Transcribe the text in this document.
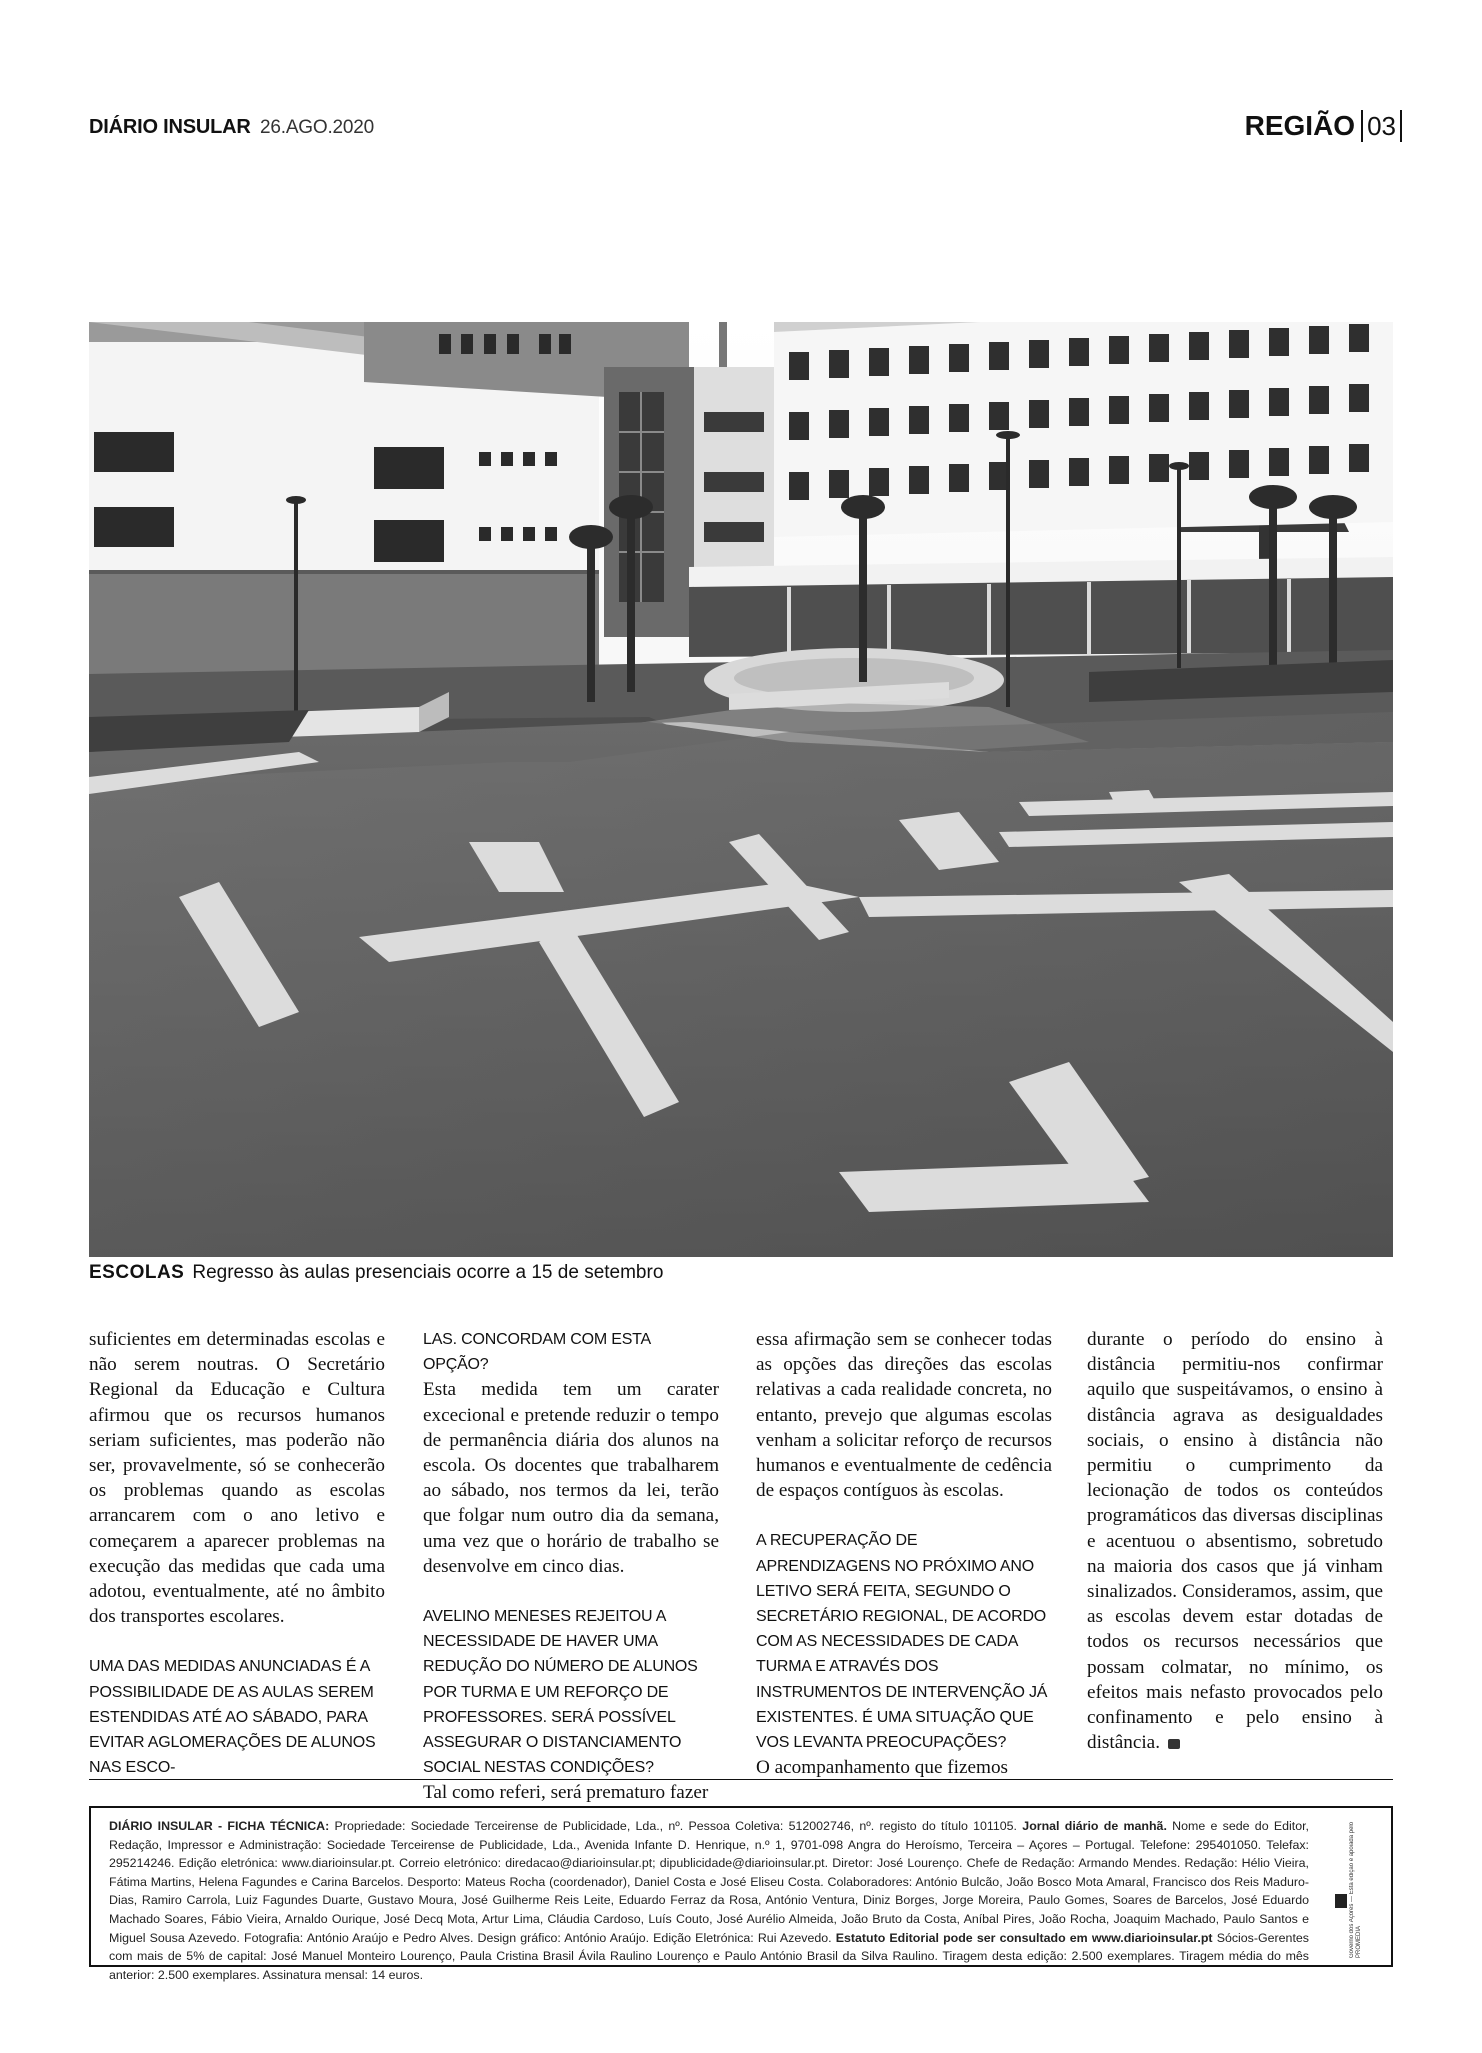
DIÁRIO INSULAR 26.AGO.2020	REGIÃO 03
ESCOLAS Regresso às aulas presenciais ocorre a 15 de setembro

suficientes em determinadas escolas e não serem noutras. O Secretário Regional da Educação e Cultura afirmou que os recursos humanos seriam suficientes, mas poderão não ser, provavelmente, só se conhecerão os problemas quando as escolas arrancarem com o ano letivo e começarem a aparecer problemas na execução das medidas que cada uma adotou, eventualmente, até no âmbito dos transportes escolares.

UMA DAS MEDIDAS ANUNCIADAS É A POSSIBILIDADE DE AS AULAS SEREM ESTENDIDAS ATÉ AO SÁBADO, PARA EVITAR AGLOMERAÇÕES DE ALUNOS NAS ESCO-

LAS. CONCORDAM COM ESTA OPÇÃO?

Esta medida tem um carater excecional e pretende reduzir o tempo de permanência diária dos alunos na escola. Os docentes que trabalharem ao sábado, nos termos da lei, terão que folgar num outro dia da semana, uma vez que o horário de trabalho se desenvolve em cinco dias.

AVELINO MENESES REJEITOU A NECESSIDADE DE HAVER UMA REDUÇÃO DO NÚMERO DE ALUNOS POR TURMA E UM REFORÇO DE PROFESSORES. SERÁ POSSÍVEL ASSEGURAR O DISTANCIAMENTO SOCIAL NESTAS CONDIÇÕES?

Tal como referi, será prematuro fazer

essa afirmação sem se conhecer todas as opções das direções das escolas relativas a cada realidade concreta, no entanto, prevejo que algumas escolas venham a solicitar reforço de recursos humanos e eventualmente de cedência de espaços contíguos às escolas.

A RECUPERAÇÃO DE APRENDIZAGENS NO PRÓXIMO ANO LETIVO SERÁ FEITA, SEGUNDO O SECRETÁRIO REGIONAL, DE ACORDO COM AS NECESSIDADES DE CADA TURMA E ATRAVÉS DOS INSTRUMENTOS DE INTERVENÇÃO JÁ EXISTENTES. É UMA SITUAÇÃO QUE VOS LEVANTA PREOCUPAÇÕES?

O acompanhamento que fizemos

durante o período do ensino à distância permitiu-nos confirmar aquilo que suspeitávamos, o ensino à distância agrava as desigualdades sociais, o ensino à distância não permitiu o cumprimento da lecionação de todos os conteúdos programáticos das diversas disciplinas e acentuou o absentismo, sobretudo na maioria dos casos que já vinham sinalizados. Consideramos, assim, que as escolas devem estar dotadas de todos os recursos necessários que possam colmatar, no mínimo, os efeitos mais nefasto provocados pelo confinamento e pelo ensino à distância.

DIÁRIO INSULAR - FICHA TÉCNICA: Propriedade: Sociedade Terceirense de Publicidade, Lda., nº. Pessoa Coletiva: 512002746, nº. registo do título 101105. Jornal diário de manhã. Nome e sede do Editor, Redação, Impressor e Administração: Sociedade Terceirense de Publicidade, Lda., Avenida Infante D. Henrique, n.º 1, 9701-098 Angra do Heroísmo, Terceira – Açores – Portugal. Telefone: 295401050. Telefax: 295214246. Edição eletrónica: www.diarioinsular.pt. Correio eletrónico: diredacao@diarioinsular.pt; dipublicidade@diarioinsular.pt. Diretor: José Lourenço. Chefe de Redação: Armando Mendes. Redação: Hélio Vieira, Fátima Martins, Helena Fagundes e Carina Barcelos. Desporto: Mateus Rocha (coordenador), Daniel Costa e José Eliseu Costa. Colaboradores: António Bulcão, João Bosco Mota Amaral, Francisco dos Reis Maduro-Dias, Ramiro Carrola, Luiz Fagundes Duarte, Gustavo Moura, José Guilherme Reis Leite, Eduardo Ferraz da Rosa, António Ventura, Diniz Borges, Jorge Moreira, Paulo Gomes, Soares de Barcelos, José Eduardo Machado Soares, Fábio Vieira, Arnaldo Ourique, José Decq Mota, Artur Lima, Cláudia Cardoso, Luís Couto, José Aurélio Almeida, João Bruto da Costa, Aníbal Pires, João Rocha, Joaquim Machado, Paulo Santos e Miguel Sousa Azevedo. Fotografia: António Araújo e Pedro Alves. Design gráfico: António Araújo. Edição Eletrónica: Rui Azevedo. Estatuto Editorial pode ser consultado em www.diarioinsular.pt Sócios-Gerentes com mais de 5% de capital: José Manuel Monteiro Lourenço, Paula Cristina Brasil Ávila Raulino Lourenço e Paulo António Brasil da Silva Raulino. Tiragem desta edição: 2.500 exemplares. Tiragem média do mês anterior: 2.500 exemplares. Assinatura mensal: 14 euros.
Governo dos Açores — Esta edição é apoiada pelo PROMEDIA
